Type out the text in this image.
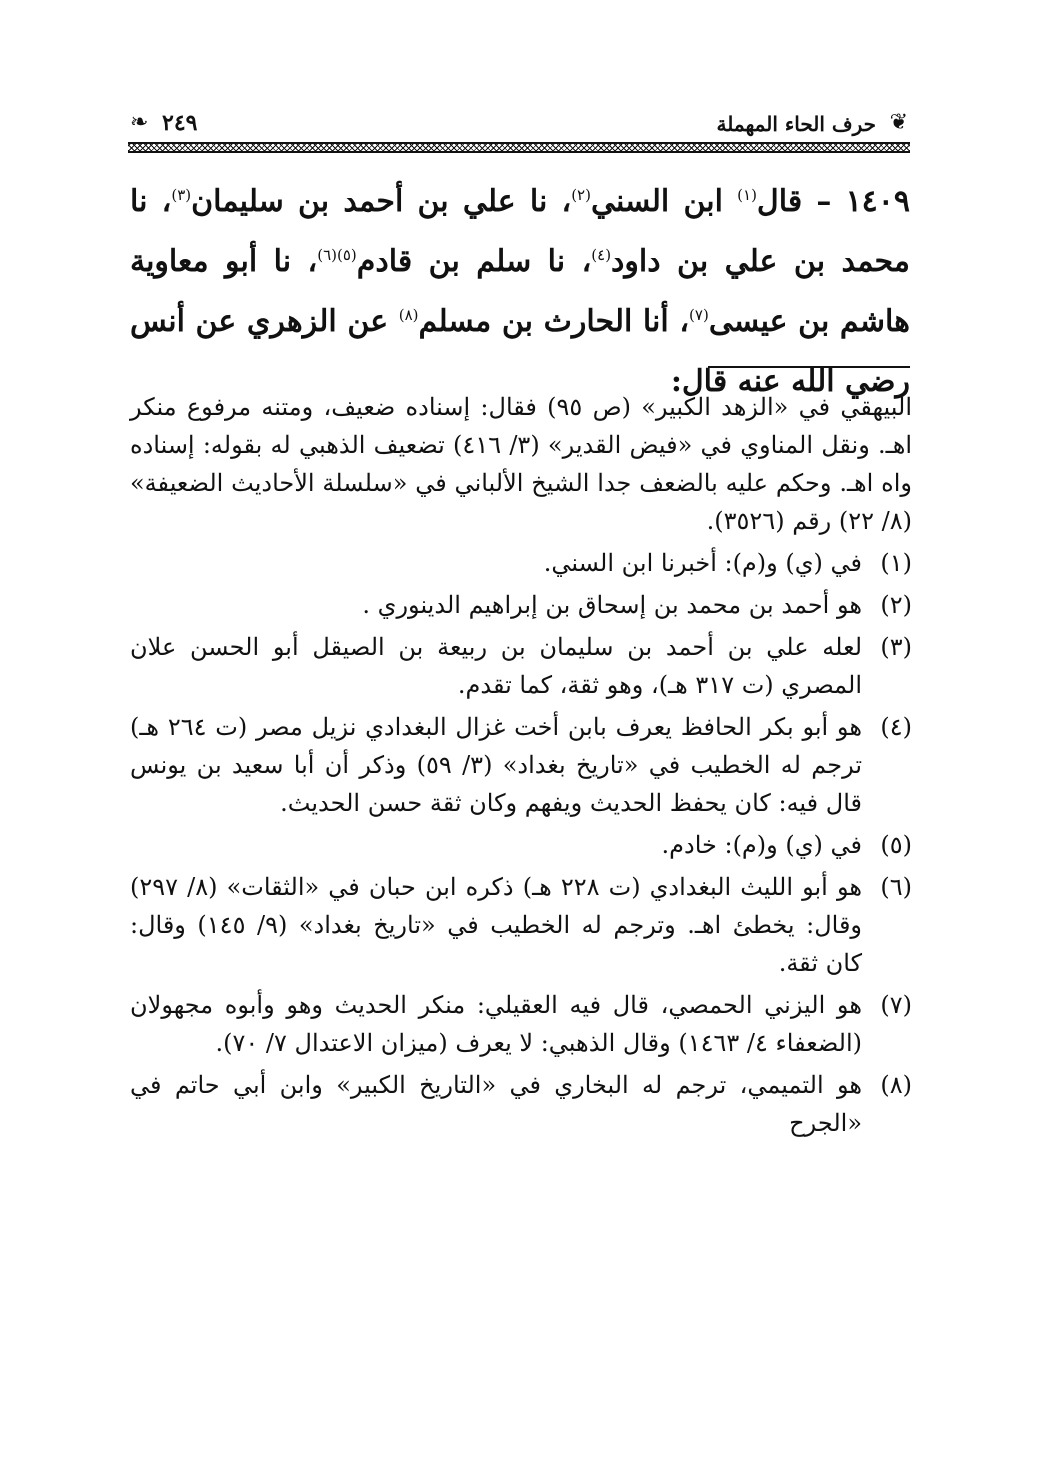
❦
حرف الحاء المهملة
٢٤٩
❧

١٤٠٩ – قال$^{(١)}$ ابن السني$^{(٢)}$، نا علي بن أحمد بن سليمان$^{(٣)}$، نا محمد بن علي بن داود$^{(٤)}$، نا سلم بن قادم$^{(٥)(٦)}$، نا أبو معاوية هاشم بن عيسى$^{(٧)}$، أنا الحارث بن مسلم$^{(٨)}$ عن الزهري عن أنس رضي الله عنه قال:

البيهقي في «الزهد الكبير» (ص ٩٥) فقال: إسناده ضعيف، ومتنه مرفوع منكر اهـ. ونقل المناوي في «فيض القدير» (٣/ ٤١٦) تضعيف الذهبي له بقوله: إسناده واه اهـ. وحكم عليه بالضعف جدا الشيخ الألباني في «سلسلة الأحاديث الضعيفة» (٨/ ٢٢) رقم (٣٥٢٦).

(١)
في (ي) و(م): أخبرنا ابن السني.
(٢)
هو أحمد بن محمد بن إسحاق بن إبراهيم الدينوري .
(٣)
لعله علي بن أحمد بن سليمان بن ربيعة بن الصيقل أبو الحسن علان المصري (ت ٣١٧ هـ)، وهو ثقة، كما تقدم.
(٤)
هو أبو بكر الحافظ يعرف بابن أخت غزال البغدادي نزيل مصر (ت ٢٦٤ هـ) ترجم له الخطيب في «تاريخ بغداد» (٣/ ٥٩) وذكر أن أبا سعيد بن يونس قال فيه: كان يحفظ الحديث ويفهم وكان ثقة حسن الحديث.
(٥)
في (ي) و(م): خادم.
(٦)
هو أبو الليث البغدادي (ت ٢٢٨ هـ) ذكره ابن حبان في «الثقات» (٨/ ٢٩٧) وقال: يخطئ اهـ. وترجم له الخطيب في «تاريخ بغداد» (٩/ ١٤٥) وقال: كان ثقة.
(٧)
هو اليزني الحمصي، قال فيه العقيلي: منكر الحديث وهو وأبوه مجهولان (الضعفاء ٤/ ١٤٦٣) وقال الذهبي: لا يعرف (ميزان الاعتدال ٧/ ٧٠).
(٨)
هو التميمي، ترجم له البخاري في «التاريخ الكبير» وابن أبي حاتم في «الجرح
